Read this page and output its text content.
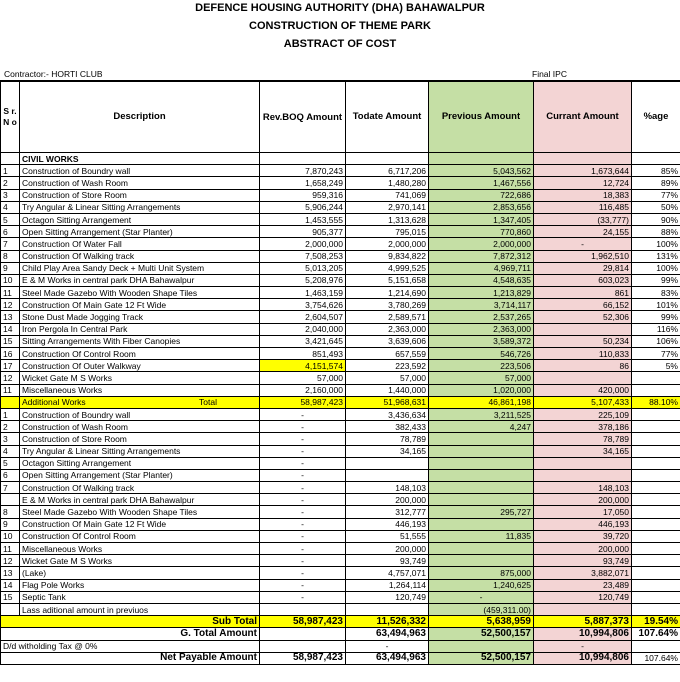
DEFENCE HOUSING AUTHORITY (DHA) BAHAWALPUR
CONSTRUCTION OF THEME PARK
ABSTRACT OF COST
Contractor:- HORTI CLUB	Final IPC
S r. N o	Description	Rev.BOQ Amount	Todate Amount	Previous Amount	Currant Amount	%age
	CIVIL WORKS					
1	Construction of Boundry wall	7,870,243	6,717,206	5,043,562	1,673,644	85%
2	Construction of Wash Room	1,658,249	1,480,280	1,467,556	12,724	89%
3	Construction of Store Room	959,316	741,069	722,686	18,383	77%
4	Try Angular & Linear Sitting Arrangements	5,906,244	2,970,141	2,853,656	116,485	50%
5	Octagon Sitting Arrangement	1,453,555	1,313,628	1,347,405	(33,777)	90%
6	Open Sitting Arrangement (Star Planter)	905,377	795,015	770,860	24,155	88%
7	Construction Of Water Fall	2,000,000	2,000,000	2,000,000	-	100%
8	Construction Of Walking track	7,508,253	9,834,822	7,872,312	1,962,510	131%
9	Child Play Area Sandy Deck + Multi Unit System	5,013,205	4,999,525	4,969,711	29,814	100%
10	E & M Works in central park DHA Bahawalpur	5,208,976	5,151,658	4,548,635	603,023	99%
11	Steel Made Gazebo With Wooden Shape Tiles	1,463,159	1,214,690	1,213,829	861	83%
12	Construction Of Main Gate 12 Ft Wide	3,754,626	3,780,269	3,714,117	66,152	101%
13	Stone Dust Made Jogging Track	2,604,507	2,589,571	2,537,265	52,306	99%
14	Iron Pergola In Central Park	2,040,000	2,363,000	2,363,000		116%
15	Sitting Arrangements With Fiber Canopies	3,421,645	3,639,606	3,589,372	50,234	106%
16	Construction Of Control Room	851,493	657,559	546,726	110,833	77%
17	Construction Of Outer Walkway	4,151,574	223,592	223,506	86	5%
12	Wicket Gate M S Works	57,000	57,000	57,000		
11	Miscellaneous Works	2,160,000	1,440,000	1,020,000	420,000	
	Additional Works Total	58,987,423	51,968,631	46,861,198	5,107,433	88.10%
1	Construction of Boundry wall	-	3,436,634	3,211,525	225,109	
2	Construction of Wash Room	-	382,433	4,247	378,186	
3	Construction of Store Room	-	78,789		78,789	
4	Try Angular & Linear Sitting Arrangements	-	34,165		34,165	
5	Octagon Sitting Arrangement	-				
6	Open Sitting Arrangement (Star Planter)	-				
7	Construction Of Walking track	-	148,103		148,103	
	E & M Works in central park DHA Bahawalpur	-	200,000		200,000	
8	Steel Made Gazebo With Wooden Shape Tiles	-	312,777	295,727	17,050	
9	Construction Of Main Gate 12 Ft Wide	-	446,193		446,193	
10	Construction Of Control Room	-	51,555	11,835	39,720	
11	Miscellaneous Works	-	200,000		200,000	
12	Wicket Gate M S Works	-	93,749		93,749	
13	(Lake)	-	4,757,071	875,000	3,882,071	
14	Flag Pole Works	-	1,264,114	1,240,625	23,489	
15	Septic Tank	-	120,749	-	120,749	
	Lass aditional amount in previuos			(459,311.00)		
Sub Total		58,987,423	11,526,332	5,638,959	5,887,373	19.54%
G. Total Amount			63,494,963	52,500,157	10,994,806	107.64%
D/d witholding Tax @ 0%			-		-	
Net Payable Amount		58,987,423	63,494,963	52,500,157	10,994,806	107.64%
